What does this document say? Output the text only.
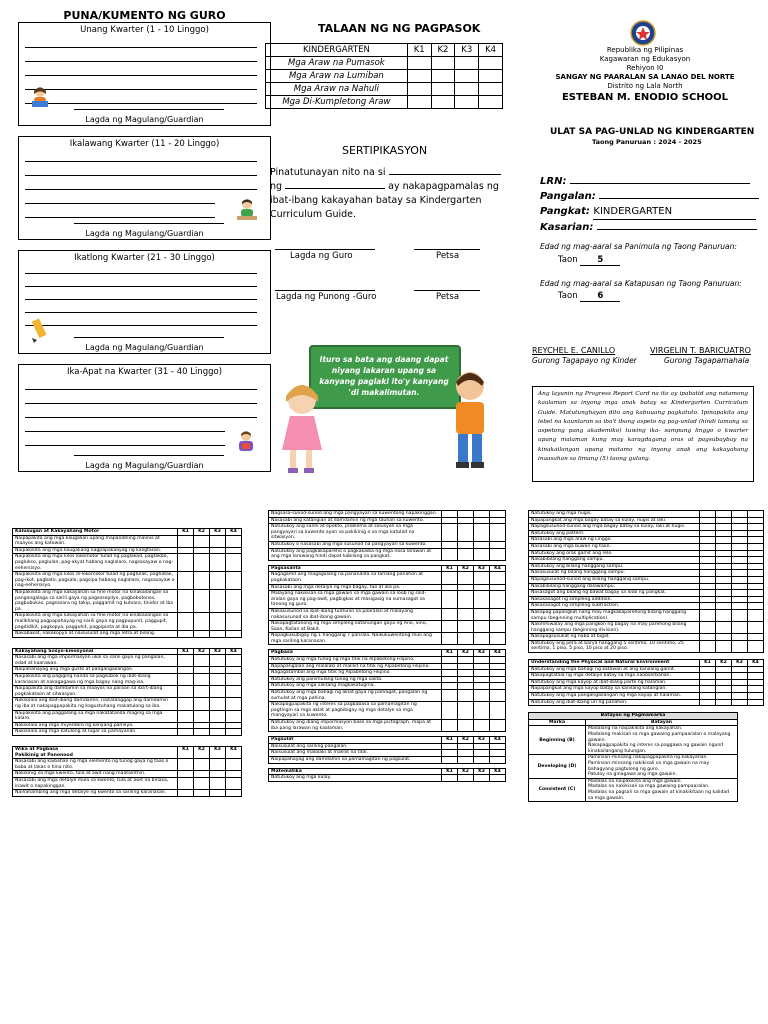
PUNA/KUMENTO NG GURO
Unang Kwarter (1 - 10 Linggo)
Lagda ng Magulang/Guardian
Ikalawang Kwarter (11 - 20 Linggo)
Lagda ng Magulang/Guardian
Ikatlong Kwarter (21 - 30 Linggo)
Lagda ng Magulang/Guardian
Ika-Apat na Kwarter (31 - 40 Linggo)
Lagda ng Magulang/Guardian
TALAAN NG NG PAGPASOK
KINDERGARTEN	K1	K2	K3	K4
Mga Araw na Pumasok				
Mga Araw na Lumiban				
Mga Araw na Nahuli				
Mga Di-Kumpletong Araw				
SERTIPIKASYON
Pinatutunayan nito na si
ng	ay nakapagpamalas ng
ibat-ibang kakayahan batay sa Kindergarten
Curriculum Guide.
Lagda ng Guro	Petsa
Lagda ng Punong -Guro	Petsa
Ituro sa bata ang daang dapat niyang lakaran upang sa kanyang paglaki ito'y kanyang 'di makalimutan.
Republika ng Pilipinas
Kagawaran ng Edukasyon
Rehiyon I0
SANGAY NG PAARALAN SA LANAO DEL NORTE
Distrito ng Lala North
ESTEBAN M. ENODIO SCHOOL
ULAT SA PAG-UNLAD NG KINDERGARTEN
Taong Panuruan : 2024 - 2025
LRN:
Pangalan:
Pangkat: KINDERGARTEN
Kasarian:
Edad ng mag-aaral sa Panimula ng Taong Panuruan:
Taon 5
Edad ng mag-aaral sa Katapusan ng Taong Panuruan:
Taon 6
REYCHEL E. CANILLO
Gurong Tagapayo ng Kinder
VIRGELIN T. BARICUATRO
Gurong Tagapamahala
Ang layunin ng Progress Report Card na ito ay ipabatid ang natamong kaalaman sa inyong mga anak batay sa Kindergarten Curriculum Guide. Matutunghayan dito ang kabuuang pagkatuto. Ipinapakita ang lebel na kaunlaran sa iba't ibang aspeto ng pag-unlad (hindi lamang sa aspetong pang akademiko) tuwing ika- sampung linggo o kwarter upang malaman kung may karagdagang oras at pagsubaybay na kinakailangan upang matamo ng inyong anak ang kakayahang inaasahan sa limang (5) taong gulang.
Kalusugan at Kakayahang Motor	K1	K2	K3	K4
Naipapakita ang mga kaugalian upang mapanatiling malinis at maayos ang katawan.				
Naipakikita ang mga kaugaliang nagpapakaayag ng kaligtasan.				
Naipakikita ang mga kilos lokomotor tulad ng paglakad, pagtakbo, paglukso, paglulan, pag-akyat habang naglalaro, nagsasayaw o nag-eehersisyo.				
Naipakikita ang mga kilos di-lokomotor tulad ng pagtulak, paghatak, pag-ikot, pagbato, pagsalo, pagsipa habang naglalaro, nagsasayaw o nag-eehersisyo.				
Naipakikita ang mga kakayahan sa fine motor na kinakailangan sa pangangalaga sa sarili gaya ng pagsesepilyo, pagbobotones, pagbubukas, pagsasara ng takip, paggamit ng kutsara, tinidor at iba pa.				
Naipakikita ang mga kakayahan sa fine motor na kinakailangan sa malikhang pagpapahayag ng sarili gaya ng pagpupunit, paggupit, pagdidikit, pagkopya, pagguhit, pagpipinta at iba pa.				
Nakabakat, nakokopya at naisusulat ang mga letra at bilang.				
Kakayahang Sosyo-Emosyonal	K1	K2	K3	K4
Nasasabi ang mga impormasyon ukol sa sarili gaya ng pangalan, edad at kaarawan.				
Naipahahayag ang mga gusto at pangangailangan.				
Naipakikita ang pagiging handa sa pagsubok ng ibat-ibang karanasan at nakagagawa ng mga bagay nang mag-isa.				
Naipapakita ang damdamin sa maayos na paraan sa iba't-ibang pagkakataon at sitwasyon.				
Nakikilala ang ibat-ibang damdamin, naitatanggap ang damdamin ng iba at nakapagpapakita ng kagustuhang makatulong sa iba.				
Naipakikita ang paggalang sa mga nakatatanda maging sa mga kalaro.				
Nakikilala ang mga miyembro ng kanyang pamilya.				
Nakikilala ang mga katulong at lugar sa pamayanan.				
Wika at Pagbasa
Pakikinig at Panonood	K1	K2	K3	K4
Nasasabi ang kaibahan ng mga elemento ng tunog gaya ng taas o baba at lakas o hina nito.				
Nakikinig sa mga kwento, tula at awit nang maatainthin.				
Nasasabi ang mga detalye mula sa kwento, tula at awit na binasa, inawit o napakinggan.				
Naihahambing ang mga detalye ng kwento sa sariling karanasan.				
Nagsasa-sunod-sunod ang mga pangyayari sa kuwentong napakinggan.				
Nasasabi ang katangian at damdamin ng mga tauhan sa kuwento.				
Natutukoy ang sanhi at epekto, problema at solusyon sa mga pangyayari sa kuwento ayon sa pakikinig o sa mga katulad na sitwasyon.				
Natutukoy o nasasabi ang mga susunod na pangyayari sa kuwento.				
Natutukoy ang pagkakapareho o pagkakaiba ng mga nasa larawan at ang mga larawang hindi dapat kabilang sa pangkat.				
Pagsasalita	K1	K2	K3	K4
Nagagamit ang magagalang na pananalita sa tamang panahon at pagkakataon.				
Nasasabi ang mga detalye ng mga bagay, tao at iba pa.				
Malayang nakikisali sa mga gawain sa mga gawain sa loob ng silid-aralan gaya ng pag-awit, pagbigkas at masigasig na sumasagot sa tanong ng guro.				
Nakasusunod sa ibat-ibang tuntunin sa paaralan at malayang nakasusunod sa ibat-ibang gawain.				
Nakapagtatanong ng mga simpleng katanungan gaya ng Ano, Sino, Saan, Kailan at Bakit.				
Napagkukubigay ng 1 hanggang 7 parirala. Naikukuwentong muli ang mga sariling karanasan.				
Pagbasa	K1	K2	K3	K4
Natutukoy ang mga tunog ng mga titik na Alpabetong Filipino.				
Napapangalan ang malalaki at maliliit na titik ng Alpabetong Filipino.				
Nagagatambal ang mga titik ng Alpabetong Filipino.				
Natutukoy ang panimulang tunog ng mga salita.				
Natutukoy ang mga salitang magkakatugma.				
Natutukoy ang mga bahagi ng aklat gaya ng pamagat, pangalan ng sumulat at mga pahina.				
Nakapagpapakita ng interes sa pagbabasa sa pamamagitan ng pagtingin sa mga aklat at pagbibigay ng mga detalye sa mga mangyayari sa kuwento.				
Natutukoy ang ibang impormasyon base sa mga pictograph, mapa at iba pang larawan ng kaalaman.				
Pagsulat	K1	K2	K3	K4
Naisusulat ang sariling pangalan.				
Naisusulat ang malalaki at maliliit na titik.				
Naipapahayag ang damdamin sa pamamagitan ng pagsulat.				
Matematika	K1	K2	K3	K4
Natutukoy ang mga kulay.				
Natutukoy ang mga hugis.				
Napapangkat ang mga bagay batay sa kulay, hugis at laki.				
Napagsusunod-sunod ang mga bagay batay sa kulay, laki at hugis.				
Natutukoy ang pattern.				
Nasasabi ang mga araw ng Linggo.				
Nasasabi ang mga buwan ng taon.				
Natutukoy ang oras gamit ang relo.				
Nakabibilang hanggang sampu.				
Natutukoy ang bilang hanggang sampu.				
Nakasusulat ng bilang hanggang sampu.				
Napagsusunod-sunod ang bilang hanggang sampu.				
Nakabibilang hanggang dalawampu.				
Nasasagot ang bilang ng bawat bagay sa loob ng pangkat.				
Nakasasagot ng simpleng addition.				
Nakasasagot ng simpleng subtraction.				
Nakapag papangkat nang may magkakaparehong bilang hanggang sampu (beginning multiplication).				
Nakihihiwalay ang mga pangkon ng bagay na may parehong bilang hanggang sampu (beginning division).				
Nakapagsusukat ng haba at bigat.				
Natutukoy ang pera at barya hanggang 5 sentimo, 10 sentimo, 25 sentimo, 1 piso, 5 piso, 10 piso at 20 piso.				
Understanding the Physical and Natural Environment	K1	K2	K3	K4
Natutukoy ang mga bahagi ng katawan at ang kanilang gamit.				
Nakapagtatala ng mga detalye batay sa mga naobserbahan.				
Natutukoy ang mga kayop at ibat-ibang parte ng halaman.				
Napapangkat ang mga kayop batay sa kanilang katangian.				
Natutukoy ang mga pangangailangan ng mga kayop at halaman.				
Natutukoy ang ibat-ibang uri ng panahon.				
Batayan ng Pagmamarka	
Marka	Batayan
Beginning (B)	Madalang na naipakikita ang kakayahan.
Madalang makisali sa mga gawaing pampaaralan o malayang gawain.
Nakapagpapakita ng interes sa paggawa ng gawain ngunit kinakailangang tulungan.

Developing (D)	Paminsan-minsang nakapagpapakita ng kakayahan.
Paminsan-minsang nakikisali sa mga gawain na may bahagyang pagtulong ng guro.
Patuloy na ginagawa ang mga gawain.

Consistent (C)	Madalas na naipakikita ang mga gawain.
Madalas na nakikisali sa mga gawaing pampaaralan.
Madalas na pagsali sa mga gawain at kinakikitaan ng kalidad sa mga gawain.
